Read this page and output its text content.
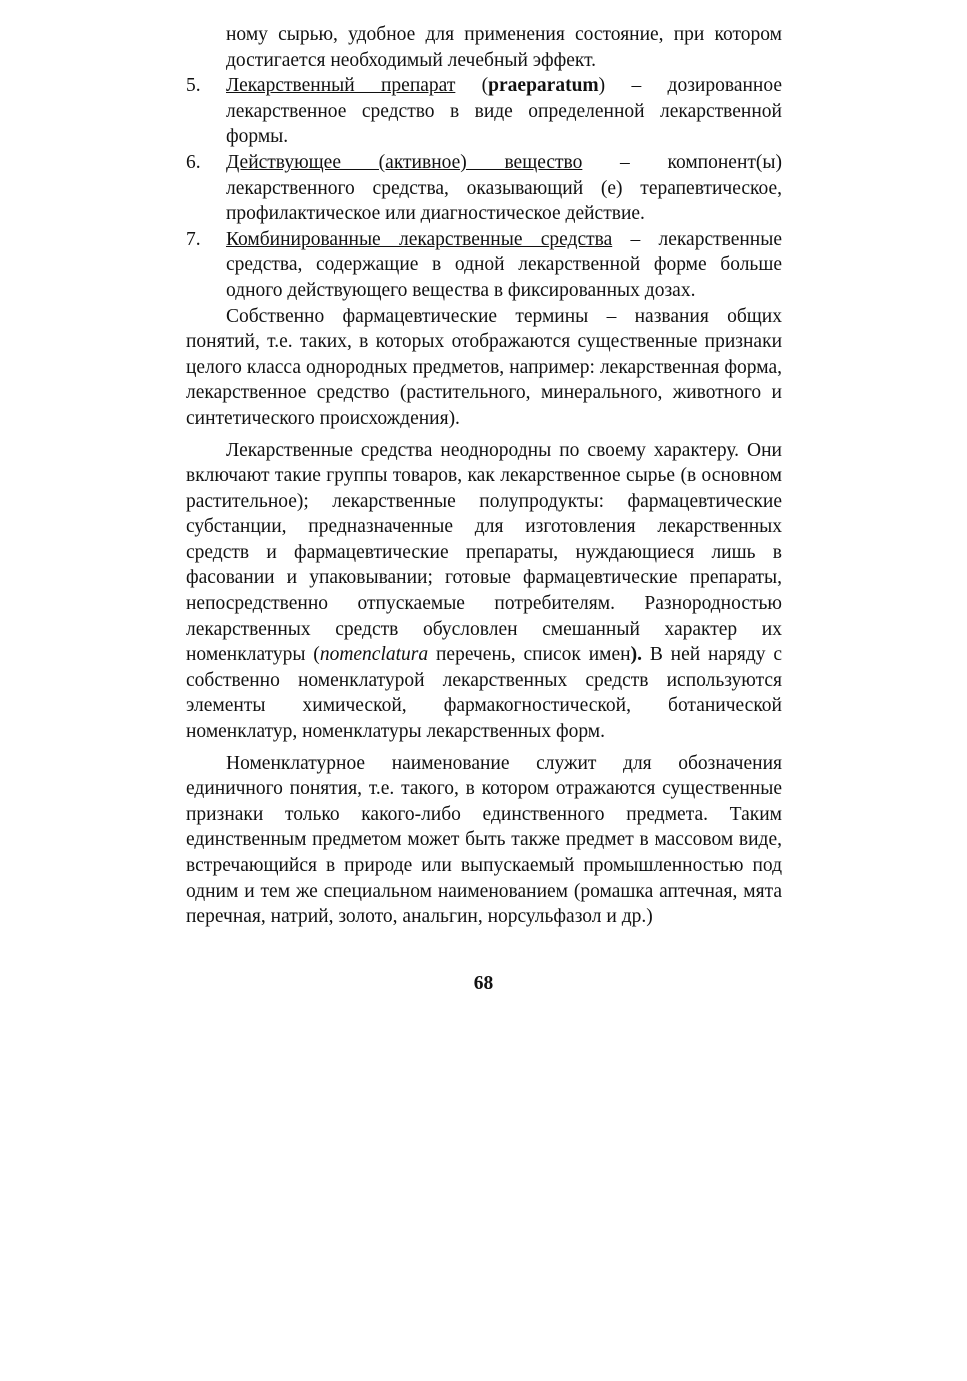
ному сырью, удобное для применения состояние, при котором достигается необходимый лечебный эффект.

5. Лекарственный препарат (praeparatum) – дозированное лекарственное средство в виде определенной лекарственной формы.

6. Действующее (активное) вещество – компонент(ы) лекарственного средства, оказывающий (е) терапевтическое, профилактическое или диагностическое действие.

7. Комбинированные лекарственные средства – лекарственные средства, содержащие в одной лекарственной форме больше одного действующего вещества в фиксированных дозах.

Собственно фармацевтические термины – названия общих понятий, т.е. таких, в которых отображаются существенные признаки целого класса однородных предметов, например: лекарственная форма, лекарственное средство (растительного, минерального, животного и синтетического происхождения).

Лекарственные средства неоднородны по своему характеру. Они включают такие группы товаров, как лекарственное сырье (в основном растительное); лекарственные полупродукты: фармацевтические субстанции, предназначенные для изготовления лекарственных средств и фармацевтические препараты, нуждающиеся лишь в фасовании и упаковывании; готовые фармацевтические препараты, непосредственно отпускаемые потребителям. Разнородностью лекарственных средств обусловлен смешанный характер их номенклатуры (nomenclatura перечень, список имен). В ней наряду с собственно номенклатурой лекарственных средств используются элементы химической, фармакогностической, ботанической номенклатур, номенклатуры лекарственных форм.

Номенклатурное наименование служит для обозначения единичного понятия, т.е. такого, в котором отражаются существенные признаки только какого-либо единственного предмета. Таким единственным предметом может быть также предмет в массовом виде, встречающийся в природе или выпускаемый промышленностью под одним и тем же специальном наименованием (ромашка аптечная, мята перечная, натрий, золото, анальгин, норсульфазол и др.)

68
